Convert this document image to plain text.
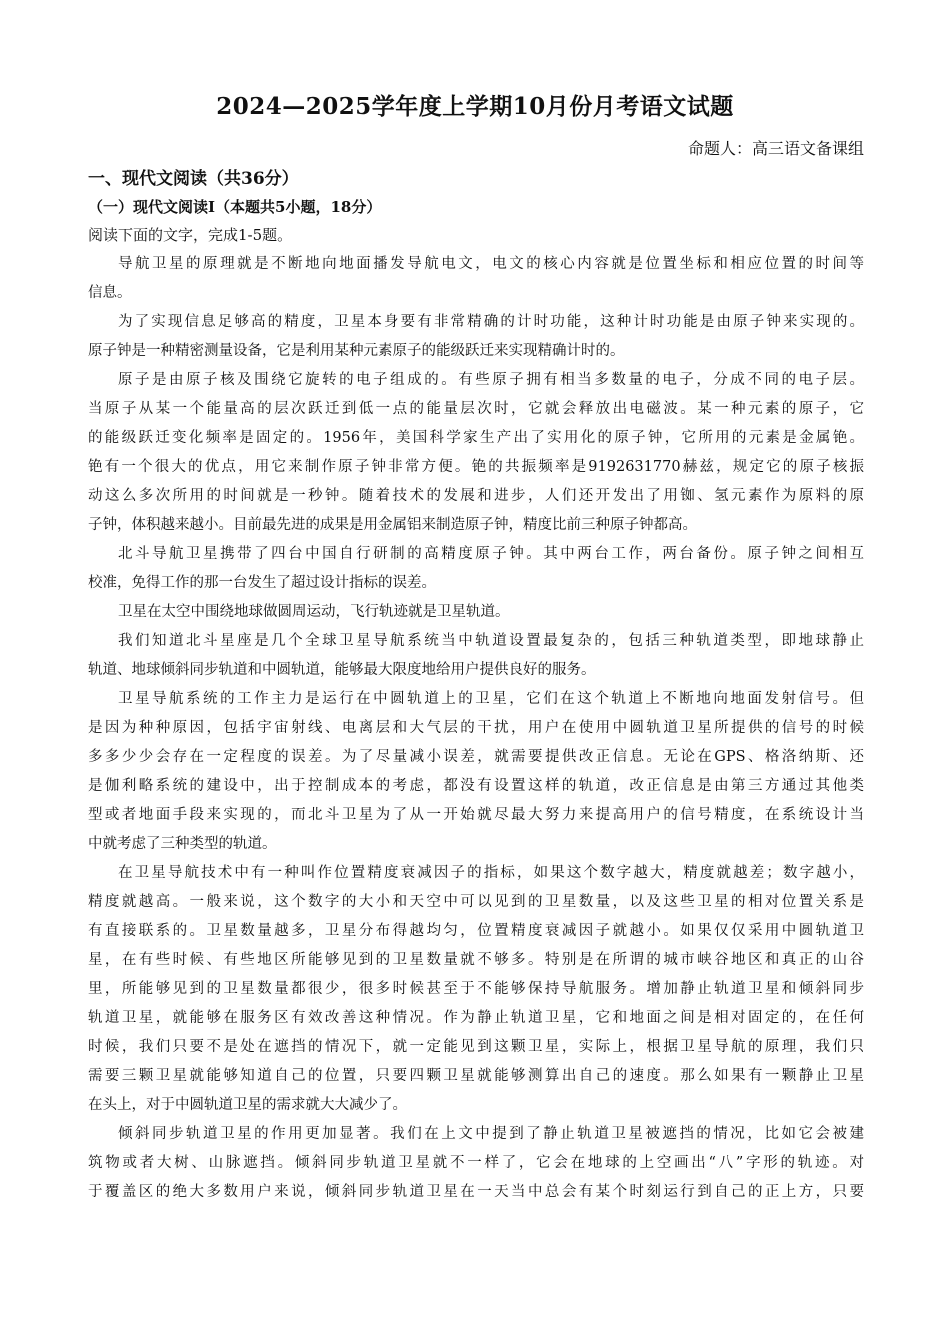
2024—2025学年度上学期10月份月考语文试题
命题人：高三语文备课组
一、现代文阅读（共36分）
（一）现代文阅读I（本题共5小题，18分）
阅读下面的文字，完成1-5题。
导航卫星的原理就是不断地向地面播发导航电文，电文的核心内容就是位置坐标和相应位置的时间等
信息。
为了实现信息足够高的精度，卫星本身要有非常精确的计时功能，这种计时功能是由原子钟来实现的。
原子钟是一种精密测量设备，它是利用某种元素原子的能级跃迁来实现精确计时的。
原子是由原子核及围绕它旋转的电子组成的。有些原子拥有相当多数量的电子，分成不同的电子层。
当原子从某一个能量高的层次跃迁到低一点的能量层次时，它就会释放出电磁波。某一种元素的原子，它
的能级跃迁变化频率是固定的。1956年，美国科学家生产出了实用化的原子钟，它所用的元素是金属铯。
铯有一个很大的优点，用它来制作原子钟非常方便。铯的共振频率是9192631770赫兹，规定它的原子核振
动这么多次所用的时间就是一秒钟。随着技术的发展和进步，人们还开发出了用铷、氢元素作为原料的原
子钟，体积越来越小。目前最先进的成果是用金属铝来制造原子钟，精度比前三种原子钟都高。
北斗导航卫星携带了四台中国自行研制的高精度原子钟。其中两台工作，两台备份。原子钟之间相互
校准，免得工作的那一台发生了超过设计指标的误差。
卫星在太空中围绕地球做圆周运动，飞行轨迹就是卫星轨道。
我们知道北斗星座是几个全球卫星导航系统当中轨道设置最复杂的，包括三种轨道类型，即地球静止
轨道、地球倾斜同步轨道和中圆轨道，能够最大限度地给用户提供良好的服务。
卫星导航系统的工作主力是运行在中圆轨道上的卫星，它们在这个轨道上不断地向地面发射信号。但
是因为种种原因，包括宇宙射线、电离层和大气层的干扰，用户在使用中圆轨道卫星所提供的信号的时候
多多少少会存在一定程度的误差。为了尽量减小误差，就需要提供改正信息。无论在GPS、格洛纳斯、还
是伽利略系统的建设中，出于控制成本的考虑，都没有设置这样的轨道，改正信息是由第三方通过其他类
型或者地面手段来实现的，而北斗卫星为了从一开始就尽最大努力来提高用户的信号精度，在系统设计当
中就考虑了三种类型的轨道。
在卫星导航技术中有一种叫作位置精度衰减因子的指标，如果这个数字越大，精度就越差；数字越小，
精度就越高。一般来说，这个数字的大小和天空中可以见到的卫星数量，以及这些卫星的相对位置关系是
有直接联系的。卫星数量越多，卫星分布得越均匀，位置精度衰减因子就越小。如果仅仅采用中圆轨道卫
星，在有些时候、有些地区所能够见到的卫星数量就不够多。特别是在所谓的城市峡谷地区和真正的山谷
里，所能够见到的卫星数量都很少，很多时候甚至于不能够保持导航服务。增加静止轨道卫星和倾斜同步
轨道卫星，就能够在服务区有效改善这种情况。作为静止轨道卫星，它和地面之间是相对固定的，在任何
时候，我们只要不是处在遮挡的情况下，就一定能见到这颗卫星，实际上，根据卫星导航的原理，我们只
需要三颗卫星就能够知道自己的位置，只要四颗卫星就能够测算出自己的速度。那么如果有一颗静止卫星
在头上，对于中圆轨道卫星的需求就大大减少了。
倾斜同步轨道卫星的作用更加显著。我们在上文中提到了静止轨道卫星被遮挡的情况，比如它会被建
筑物或者大树、山脉遮挡。倾斜同步轨道卫星就不一样了，它会在地球的上空画出“八”字形的轨迹。对
于覆盖区的绝大多数用户来说，倾斜同步轨道卫星在一天当中总会有某个时刻运行到自己的正上方，只要
